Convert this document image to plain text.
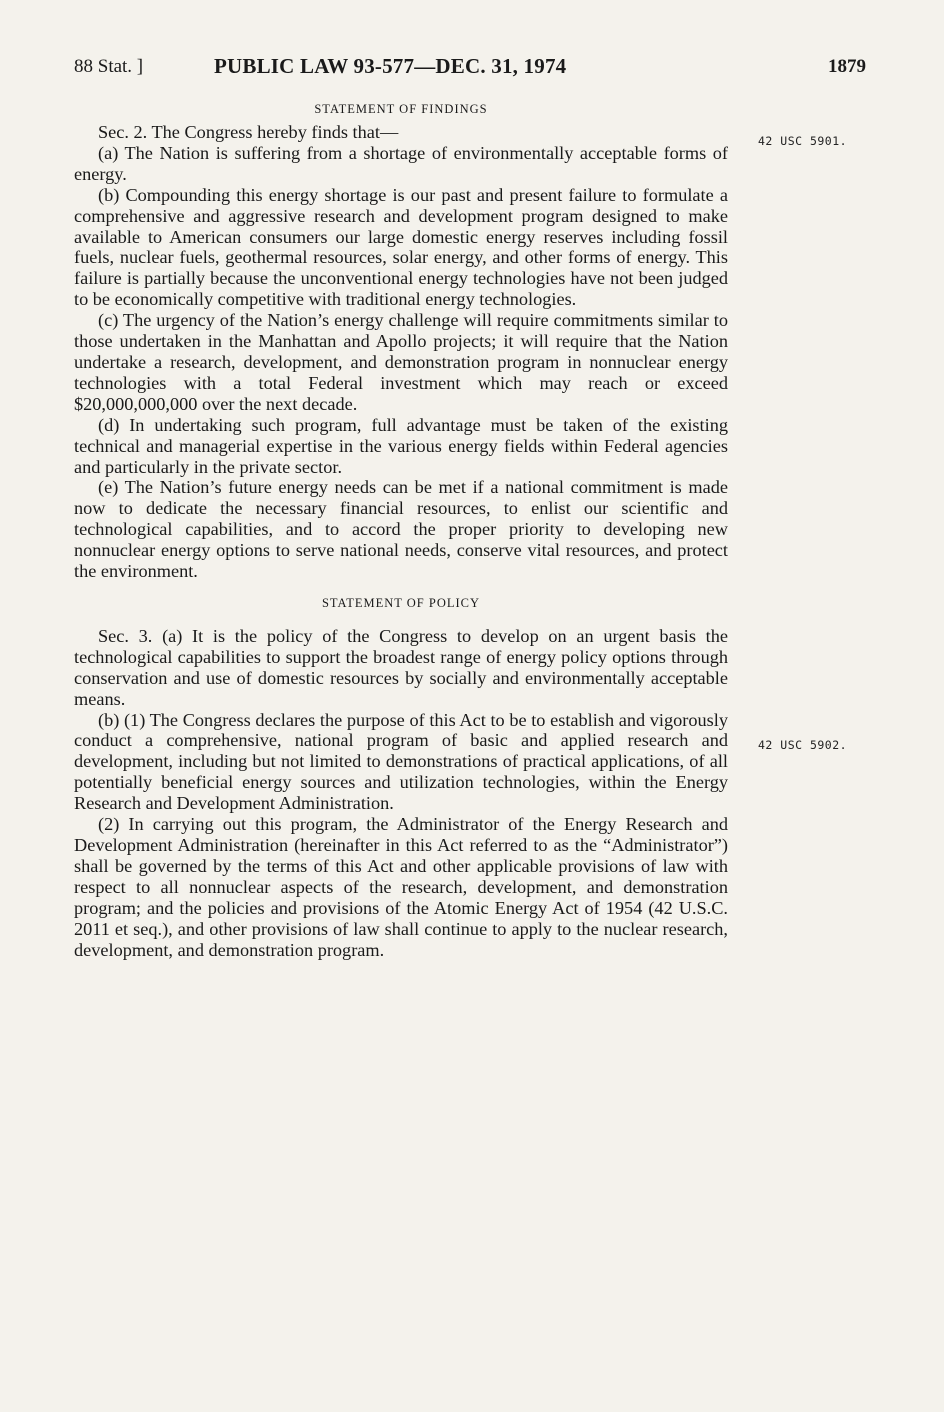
88 Stat. ]	PUBLIC LAW 93-577—DEC. 31, 1974	1879
42 USC 5901.
42 USC 5902.
STATEMENT OF FINDINGS

Sec. 2. The Congress hereby finds that—

(a) The Nation is suffering from a shortage of environmentally acceptable forms of energy.

(b) Compounding this energy shortage is our past and present failure to formulate a comprehensive and aggressive research and development program designed to make available to American consumers our large domestic energy reserves including fossil fuels, nuclear fuels, geothermal resources, solar energy, and other forms of energy. This failure is partially because the unconventional energy technologies have not been judged to be economically competitive with traditional energy technologies.

(c) The urgency of the Nation’s energy challenge will require commitments similar to those undertaken in the Manhattan and Apollo projects; it will require that the Nation undertake a research, development, and demonstration program in nonnuclear energy technologies with a total Federal investment which may reach or exceed $20,000,000,000 over the next decade.

(d) In undertaking such program, full advantage must be taken of the existing technical and managerial expertise in the various energy fields within Federal agencies and particularly in the private sector.

(e) The Nation’s future energy needs can be met if a national commitment is made now to dedicate the necessary financial resources, to enlist our scientific and technological capabilities, and to accord the proper priority to developing new nonnuclear energy options to serve national needs, conserve vital resources, and protect the environment.

STATEMENT OF POLICY

Sec. 3. (a) It is the policy of the Congress to develop on an urgent basis the technological capabilities to support the broadest range of energy policy options through conservation and use of domestic resources by socially and environmentally acceptable means.

(b) (1) The Congress declares the purpose of this Act to be to establish and vigorously conduct a comprehensive, national program of basic and applied research and development, including but not limited to demonstrations of practical applications, of all potentially beneficial energy sources and utilization technologies, within the Energy Research and Development Administration.

(2) In carrying out this program, the Administrator of the Energy Research and Development Administration (hereinafter in this Act referred to as the “Administrator”) shall be governed by the terms of this Act and other applicable provisions of law with respect to all nonnuclear aspects of the research, development, and demonstration program; and the policies and provisions of the Atomic Energy Act of 1954 (42 U.S.C. 2011 et seq.), and other provisions of law shall continue to apply to the nuclear research, development, and demonstration program.
